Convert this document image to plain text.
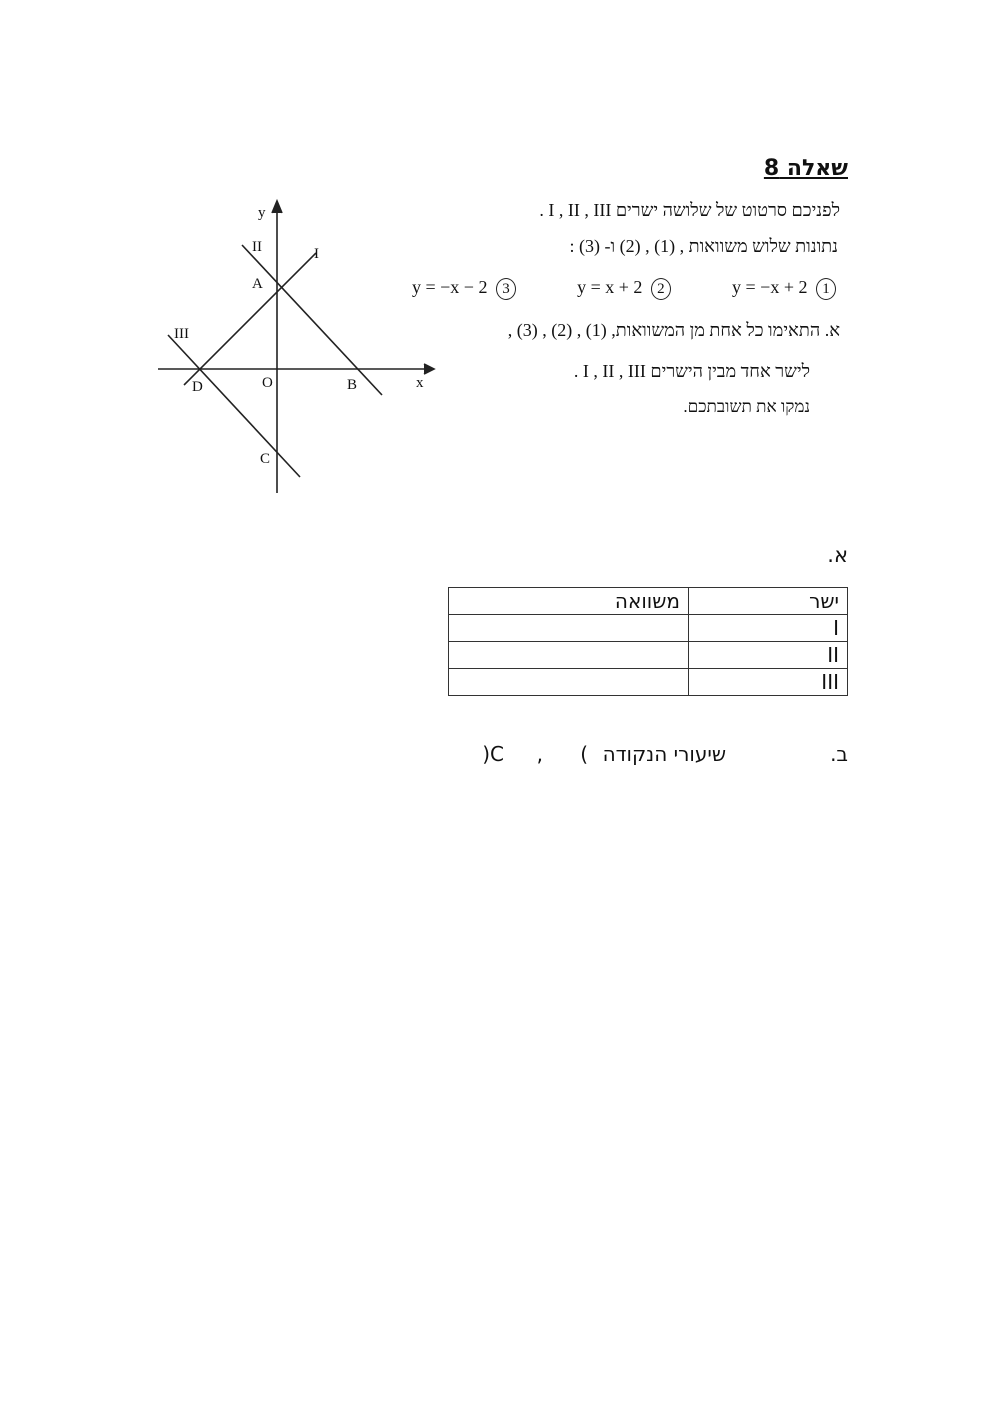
שאלה 8
לפניכם סרטוט של שלושה ישרים I , II , III .
נתונות שלוש משוואות , (1) , (2) ו- (3) :
y = −x − 2 3	y = x + 2 2	y = −x + 2 1
א. התאימו כל אחת מן המשוואות, (1) , (2) , (3) ,
לישר אחד מבין הישרים I , II , III .
נמקו את תשובתכם.
y
x
O
A
B
C
D
I
II
III
א.
ישר	משוואה
I	
II	
III	
ב.
שיעורי הנקודה
(
,
)C
